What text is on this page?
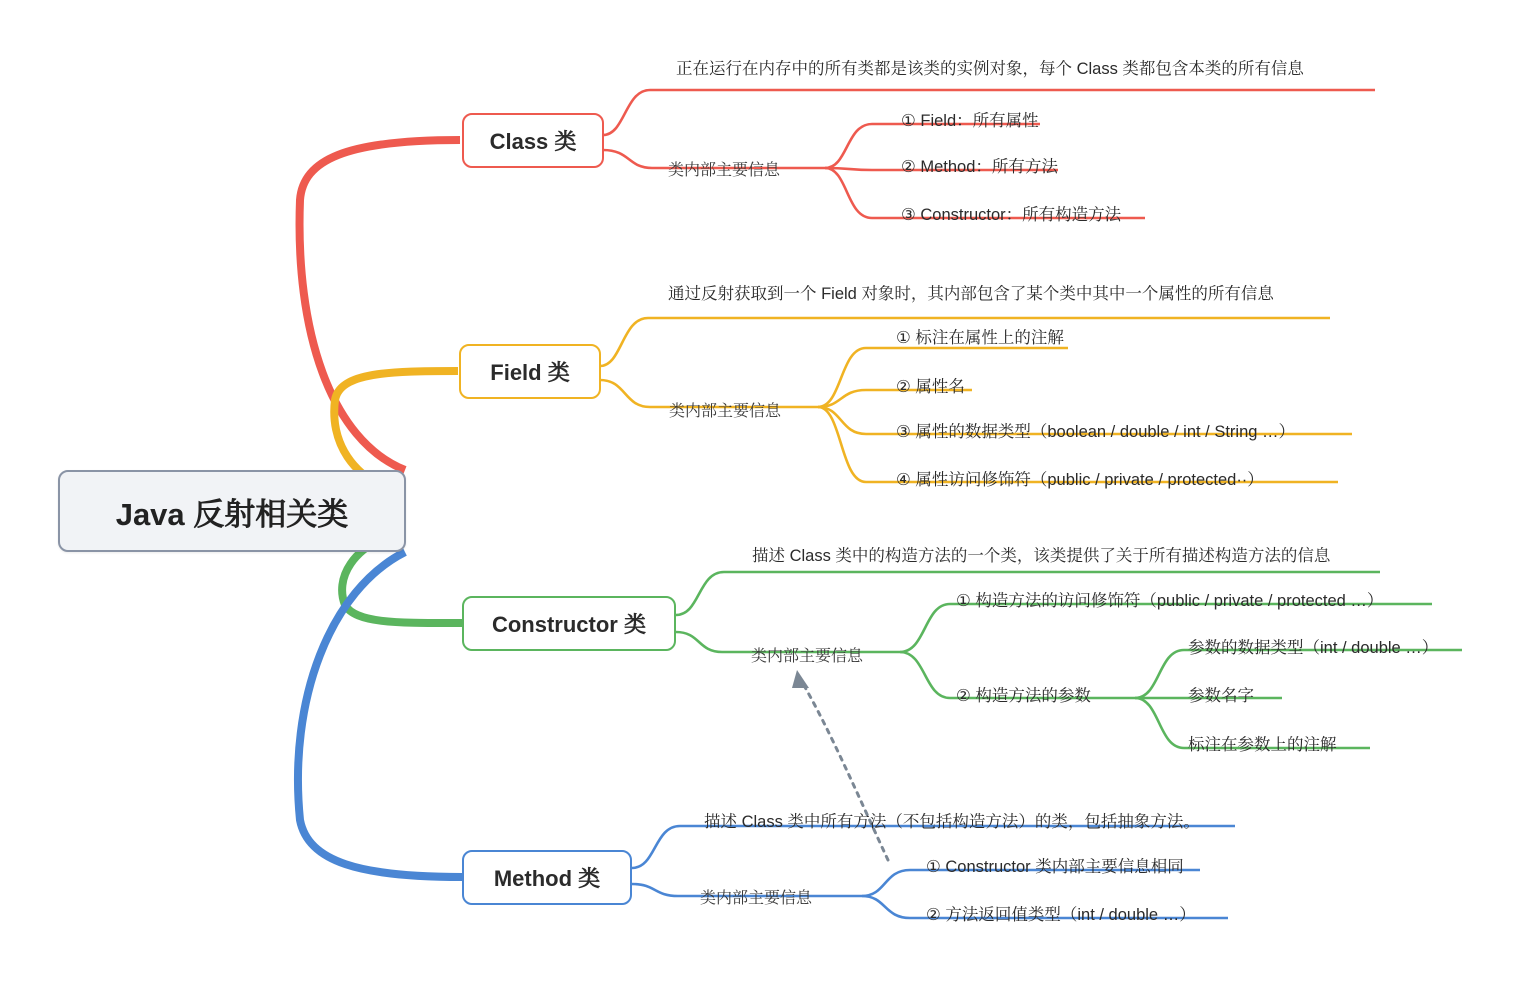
Java 反射相关类
Class 类
正在运行在内存中的所有类都是该类的实例对象，每个 Class 类都包含本类的所有信息
类内部主要信息
① Field：所有属性
② Method：所有方法
③ Constructor：所有构造方法
Field 类
通过反射获取到一个 Field 对象时，其内部包含了某个类中其中一个属性的所有信息
类内部主要信息
① 标注在属性上的注解
② 属性名
③ 属性的数据类型（boolean / double / int / String …）
④ 属性访问修饰符（public / private / protected··）
Constructor 类
描述 Class 类中的构造方法的一个类，该类提供了关于所有描述构造方法的信息
类内部主要信息
① 构造方法的访问修饰符（public / private / protected …）
② 构造方法的参数
参数的数据类型（int / double …）
参数名字
标注在参数上的注解
Method 类
描述 Class 类中所有方法（不包括构造方法）的类，包括抽象方法。
类内部主要信息
① Constructor 类内部主要信息相同
② 方法返回值类型（int / double …）
